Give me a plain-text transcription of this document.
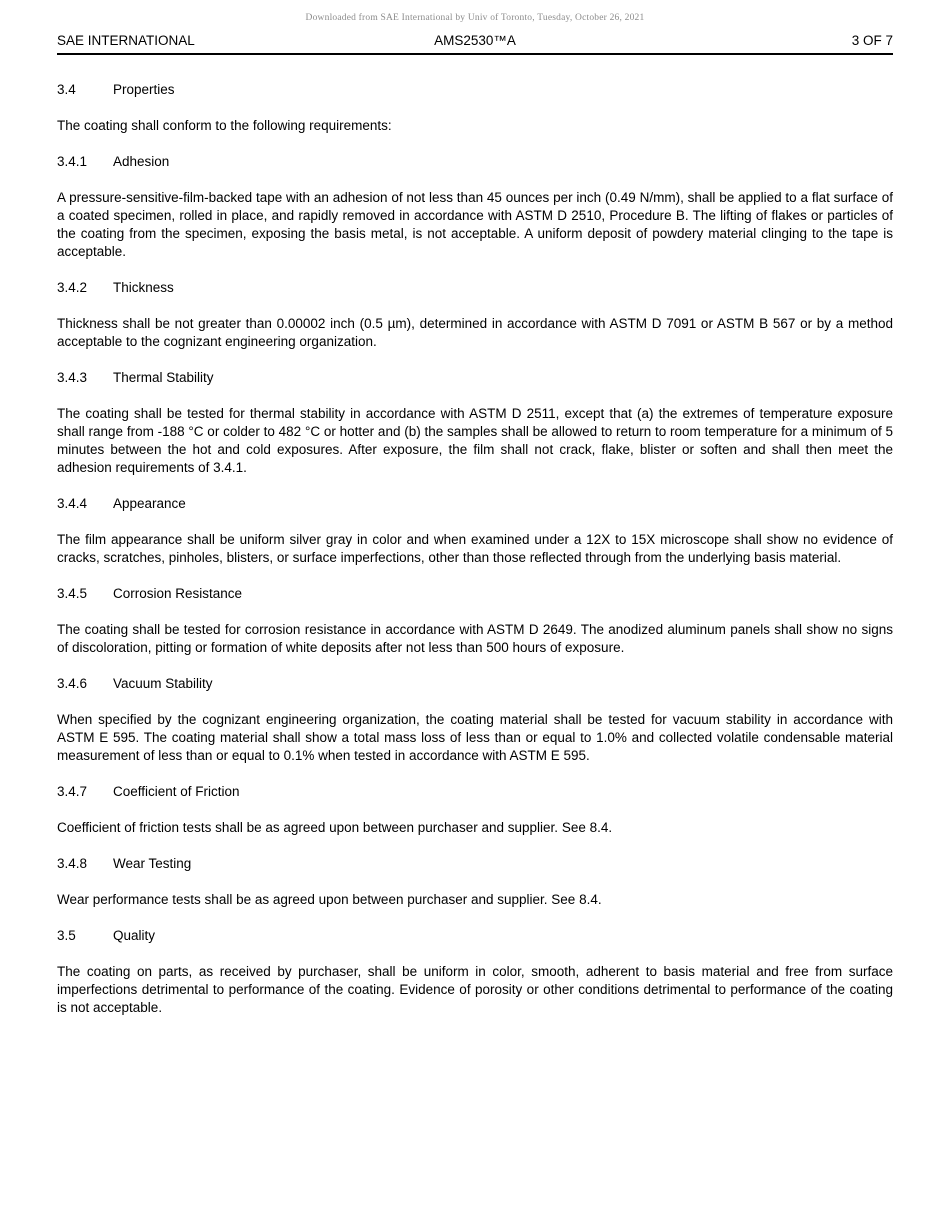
Downloaded from SAE International by Univ of Toronto, Tuesday, October 26, 2021
SAE INTERNATIONAL	AMS2530™A	3 OF 7
3.4	Properties

The coating shall conform to the following requirements:

3.4.1 Adhesion

A pressure-sensitive-film-backed tape with an adhesion of not less than 45 ounces per inch (0.49 N/mm), shall be applied to a flat surface of a coated specimen, rolled in place, and rapidly removed in accordance with ASTM D 2510, Procedure B. The lifting of flakes or particles of the coating from the specimen, exposing the basis metal, is not acceptable. A uniform deposit of powdery material clinging to the tape is acceptable.

3.4.2 Thickness

Thickness shall be not greater than 0.00002 inch (0.5 µm), determined in accordance with ASTM D 7091 or ASTM B 567 or by a method acceptable to the cognizant engineering organization.

3.4.3 Thermal Stability

The coating shall be tested for thermal stability in accordance with ASTM D 2511, except that (a) the extremes of temperature exposure shall range from -188 °C or colder to 482 °C or hotter and (b) the samples shall be allowed to return to room temperature for a minimum of 5 minutes between the hot and cold exposures. After exposure, the film shall not crack, flake, blister or soften and shall then meet the adhesion requirements of 3.4.1.

3.4.4 Appearance

The film appearance shall be uniform silver gray in color and when examined under a 12X to 15X microscope shall show no evidence of cracks, scratches, pinholes, blisters, or surface imperfections, other than those reflected through from the underlying basis material.

3.4.5 Corrosion Resistance

The coating shall be tested for corrosion resistance in accordance with ASTM D 2649. The anodized aluminum panels shall show no signs of discoloration, pitting or formation of white deposits after not less than 500 hours of exposure.

3.4.6 Vacuum Stability

When specified by the cognizant engineering organization, the coating material shall be tested for vacuum stability in accordance with ASTM E 595. The coating material shall show a total mass loss of less than or equal to 1.0% and collected volatile condensable material measurement of less than or equal to 0.1% when tested in accordance with ASTM E 595.

3.4.7 Coefficient of Friction

Coefficient of friction tests shall be as agreed upon between purchaser and supplier. See 8.4.

3.4.8 Wear Testing

Wear performance tests shall be as agreed upon between purchaser and supplier. See 8.4.

3.5	Quality

The coating on parts, as received by purchaser, shall be uniform in color, smooth, adherent to basis material and free from surface imperfections detrimental to performance of the coating. Evidence of porosity or other conditions detrimental to performance of the coating is not acceptable.
